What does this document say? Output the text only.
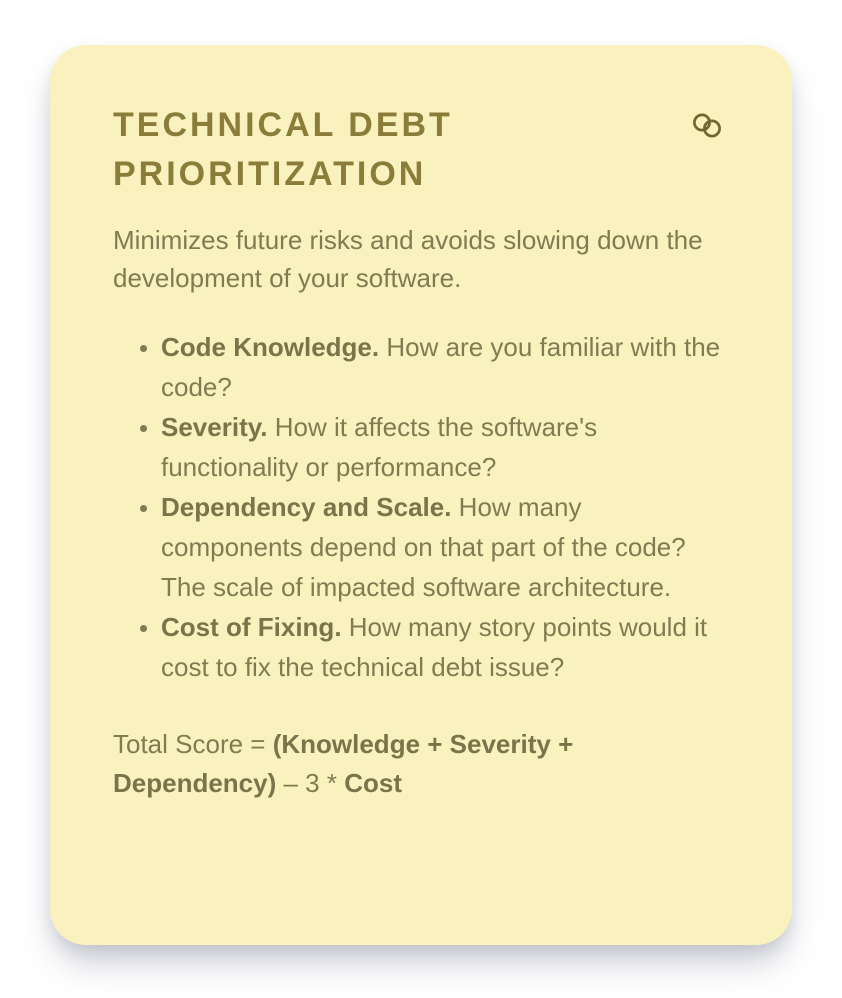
TECHNICAL DEBT PRIORITIZATION

Minimizes future risks and avoids slowing down the development of your software.

• Code Knowledge. How are you familiar with the code?
• Severity. How it affects the software's functionality or performance?
• Dependency and Scale. How many components depend on that part of the code? The scale of impacted software architecture.
• Cost of Fixing. How many story points would it cost to fix the technical debt issue?

Total Score = (Knowledge + Severity + Dependency) – 3 * Cost
